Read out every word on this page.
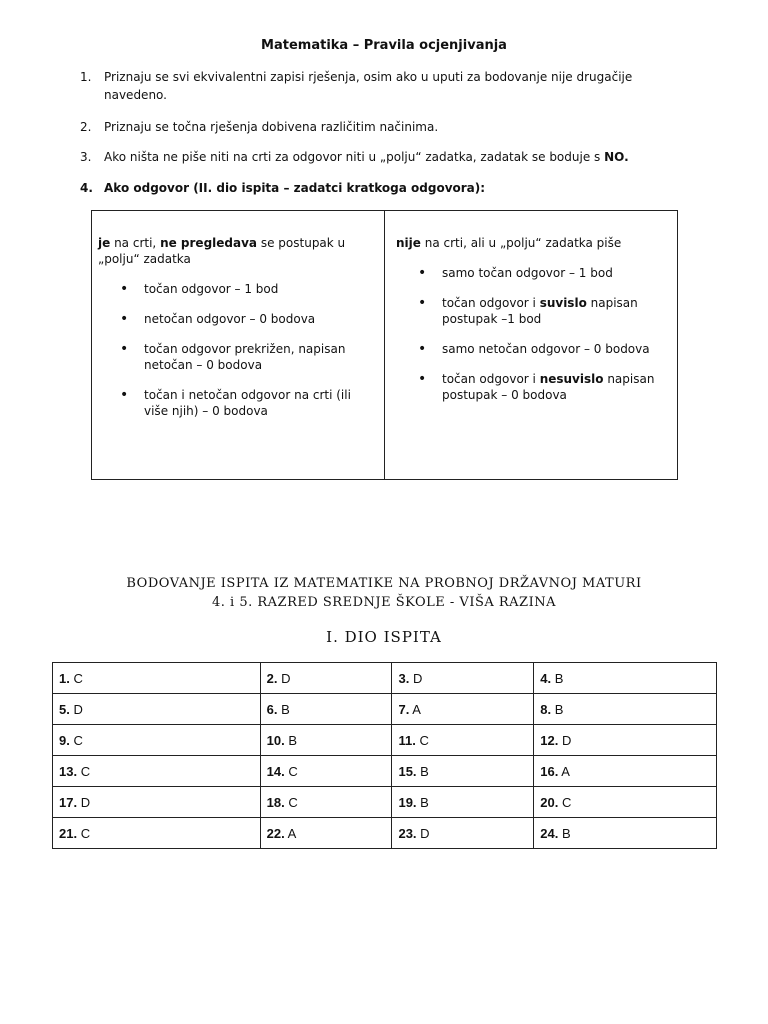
Matematika – Pravila ocjenjivanja
1. Priznaju se svi ekvivalentni zapisi rješenja, osim ako u uputi za bodovanje nije drugačije navedeno.
2. Priznaju se točna rješenja dobivena različitim načinima.
3. Ako ništa ne piše niti na crti za odgovor niti u „polju“ zadatka, zadatak se boduje s NO.
4. Ako odgovor (II. dio ispita – zadatci kratkoga odgovora):
je na crti, ne pregledava se postupak u „polju“ zadatka
• točan odgovor – 1 bod
• netočan odgovor – 0 bodova
• točan odgovor prekrižen, napisan netočan – 0 bodova
• točan i netočan odgovor na crti (ili više njih) – 0 bodova
nije na crti, ali u „polju“ zadatka piše
• samo točan odgovor – 1 bod
• točan odgovor i suvislo napisan postupak –1 bod
• samo netočan odgovor – 0 bodova
• točan odgovor i nesuvislo napisan postupak – 0 bodova
BODOVANJE ISPITA IZ MATEMATIKE NA PROBNOJ DRŽAVNOJ MATURI
4. i 5. RAZRED SREDNJE ŠKOLE - VIŠA RAZINA
I. DIO ISPITA
1. C	2. D	3. D	4. B
5. D	6. B	7. A	8. B
9. C	10. B	11. C	12. D
13. C	14. C	15. B	16. A
17. D	18. C	19. B	20. C
21. C	22. A	23. D	24. B
